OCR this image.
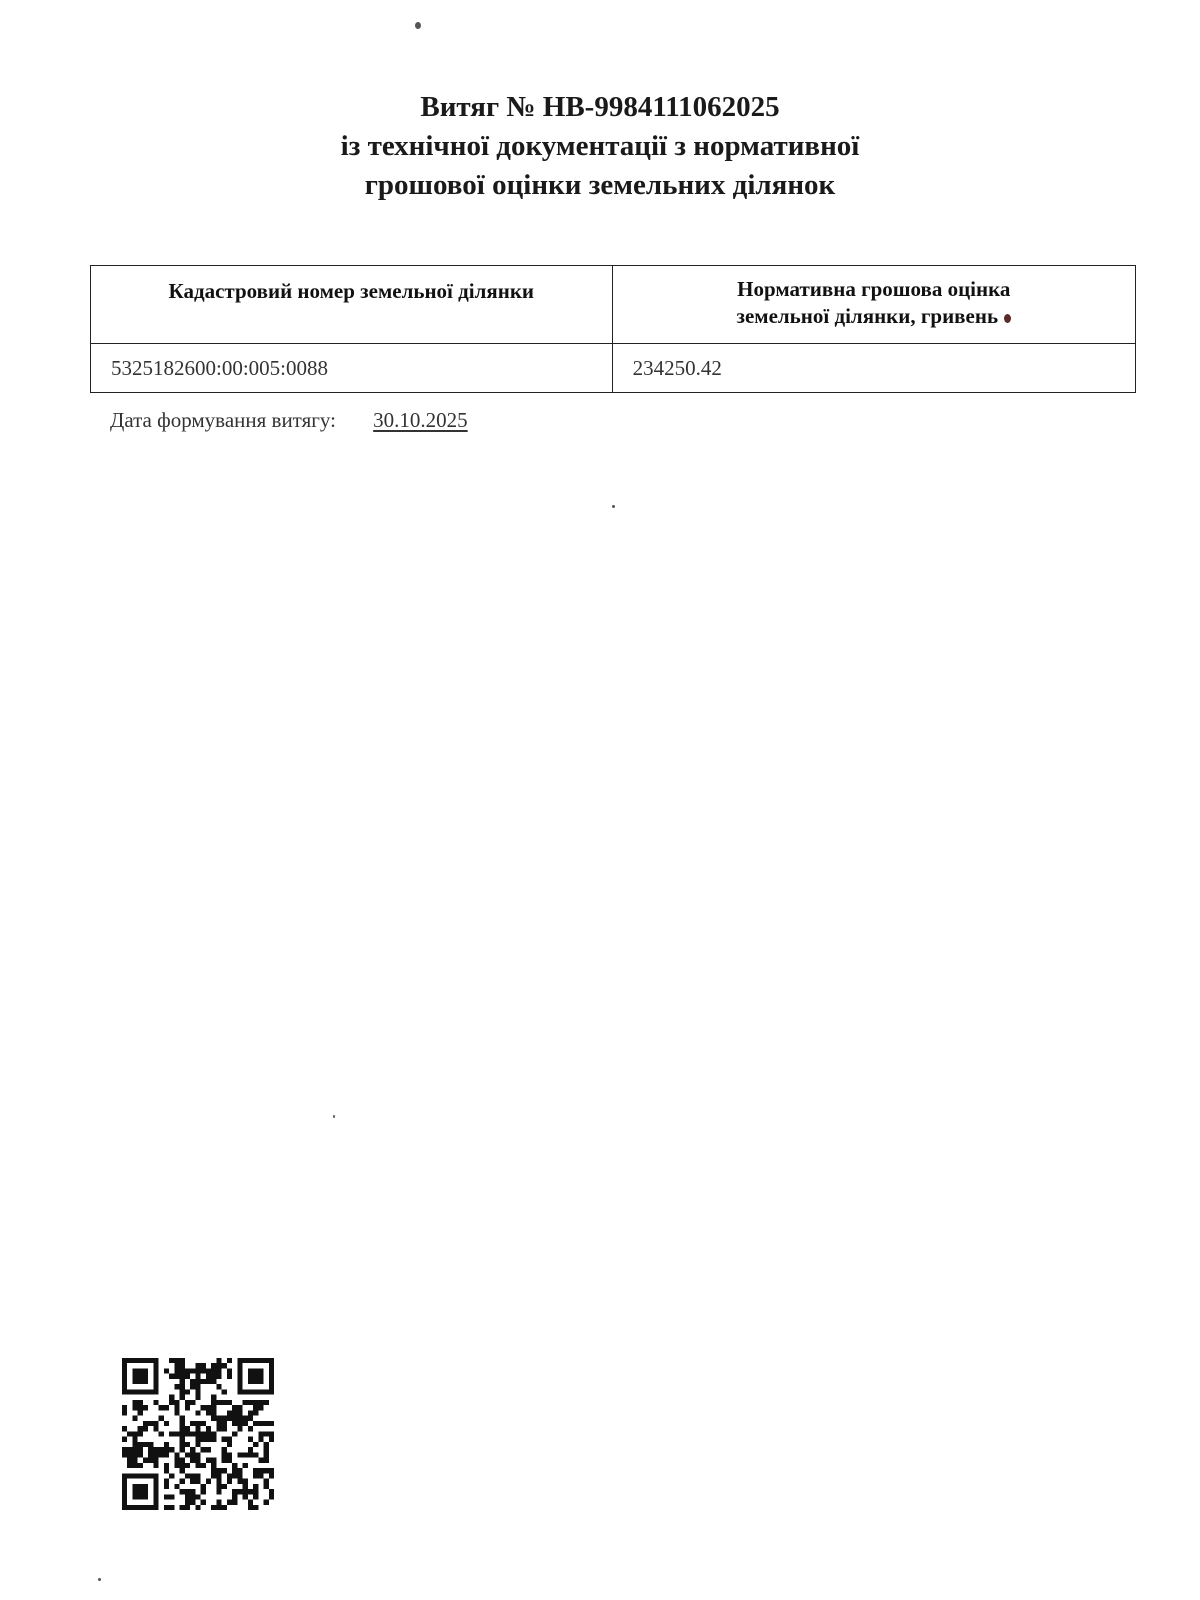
Витяг № НВ-9984111062025
із технічної документації з нормативної
грошової оцінки земельних ділянок
Кадастровий номер земельної ділянки	Нормативна грошова оцінка
земельної ділянки, гривень

5325182600:00:005:0088	234250.42
Дата формування витягу: 30.10.2025
